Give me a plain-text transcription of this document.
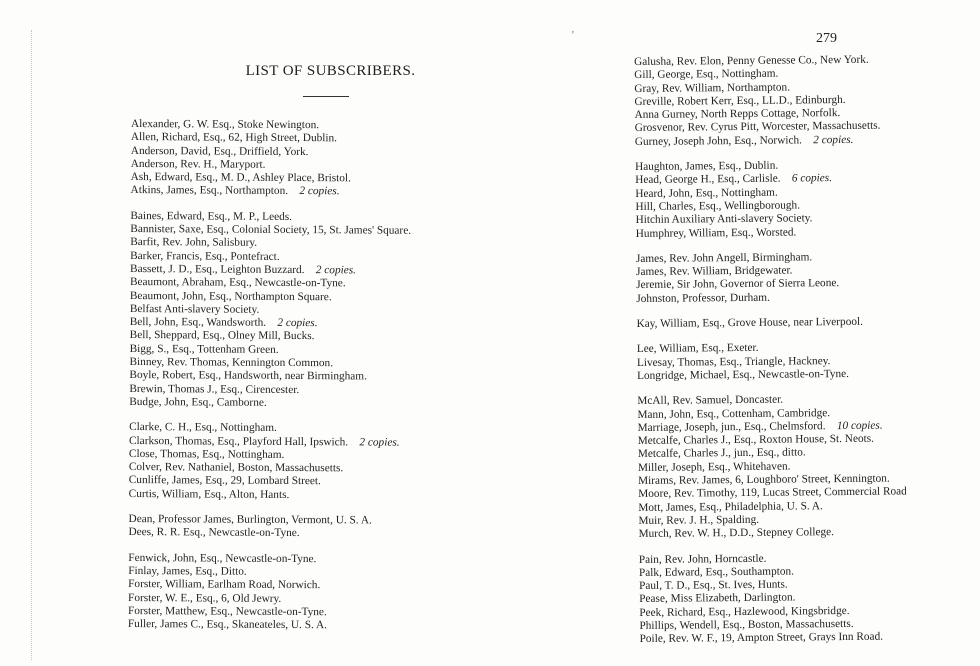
'
LIST OF SUBSCRIBERS.
Alexander, G. W. Esq., Stoke Newington.
Allen, Richard, Esq., 62, High Street, Dublin.
Anderson, David, Esq., Driffield, York.
Anderson, Rev. H., Maryport.
Ash, Edward, Esq., M. D., Ashley Place, Bristol.
Atkins, James, Esq., Northampton.   2 copies.
Baines, Edward, Esq., M. P., Leeds.
Bannister, Saxe, Esq., Colonial Society, 15, St. James' Square.
Barfit, Rev. John, Salisbury.
Barker, Francis, Esq., Pontefract.
Bassett, J. D., Esq., Leighton Buzzard.   2 copies.
Beaumont, Abraham, Esq., Newcastle-on-Tyne.
Beaumont, John, Esq., Northampton Square.
Belfast Anti-slavery Society.
Bell, John, Esq., Wandsworth.   2 copies.
Bell, Sheppard, Esq., Olney Mill, Bucks.
Bigg, S., Esq., Tottenham Green.
Binney, Rev. Thomas, Kennington Common.
Boyle, Robert, Esq., Handsworth, near Birmingham.
Brewin, Thomas J., Esq., Cirencester.
Budge, John, Esq., Camborne.
Clarke, C. H., Esq., Nottingham.
Clarkson, Thomas, Esq., Playford Hall, Ipswich.   2 copies.
Close, Thomas, Esq., Nottingham.
Colver, Rev. Nathaniel, Boston, Massachusetts.
Cunliffe, James, Esq., 29, Lombard Street.
Curtis, William, Esq., Alton, Hants.
Dean, Professor James, Burlington, Vermont, U. S. A.
Dees, R. R. Esq., Newcastle-on-Tyne.
Fenwick, John, Esq., Newcastle-on-Tyne.
Finlay, James, Esq., Ditto.
Forster, William, Earlham Road, Norwich.
Forster, W. E., Esq., 6, Old Jewry.
Forster, Matthew, Esq., Newcastle-on-Tyne.
Fuller, James C., Esq., Skaneateles, U. S. A.
279
Galusha, Rev. Elon, Penny Genesse Co., New York.
Gill, George, Esq., Nottingham.
Gray, Rev. William, Northampton.
Greville, Robert Kerr, Esq., LL.D., Edinburgh.
Anna Gurney, North Repps Cottage, Norfolk.
Grosvenor, Rev. Cyrus Pitt, Worcester, Massachusetts.
Gurney, Joseph John, Esq., Norwich.   2 copies.
Haughton, James, Esq., Dublin.
Head, George H., Esq., Carlisle.   6 copies.
Heard, John, Esq., Nottingham.
Hill, Charles, Esq., Wellingborough.
Hitchin Auxiliary Anti-slavery Society.
Humphrey, William, Esq., Worsted.
James, Rev. John Angell, Birmingham.
James, Rev. William, Bridgewater.
Jeremie, Sir John, Governor of Sierra Leone.
Johnston, Professor, Durham.
Kay, William, Esq., Grove House, near Liverpool.
Lee, William, Esq., Exeter.
Livesay, Thomas, Esq., Triangle, Hackney.
Longridge, Michael, Esq., Newcastle-on-Tyne.
McAll, Rev. Samuel, Doncaster.
Mann, John, Esq., Cottenham, Cambridge.
Marriage, Joseph, jun., Esq., Chelmsford.   10 copies.
Metcalfe, Charles J., Esq., Roxton House, St. Neots.
Metcalfe, Charles J., jun., Esq., ditto.
Miller, Joseph, Esq., Whitehaven.
Mirams, Rev. James, 6, Loughboro' Street, Kennington.
Moore, Rev. Timothy, 119, Lucas Street, Commercial Road
Mott, James, Esq., Philadelphia, U. S. A.
Muir, Rev. J. H., Spalding.
Murch, Rev. W. H., D.D., Stepney College.
Pain, Rev. John, Horncastle.
Palk, Edward, Esq., Southampton.
Paul, T. D., Esq., St. Ives, Hunts.
Pease, Miss Elizabeth, Darlington.
Peek, Richard, Esq., Hazlewood, Kingsbridge.
Phillips, Wendell, Esq., Boston, Massachusetts.
Poile, Rev. W. F., 19, Ampton Street, Grays Inn Road.
